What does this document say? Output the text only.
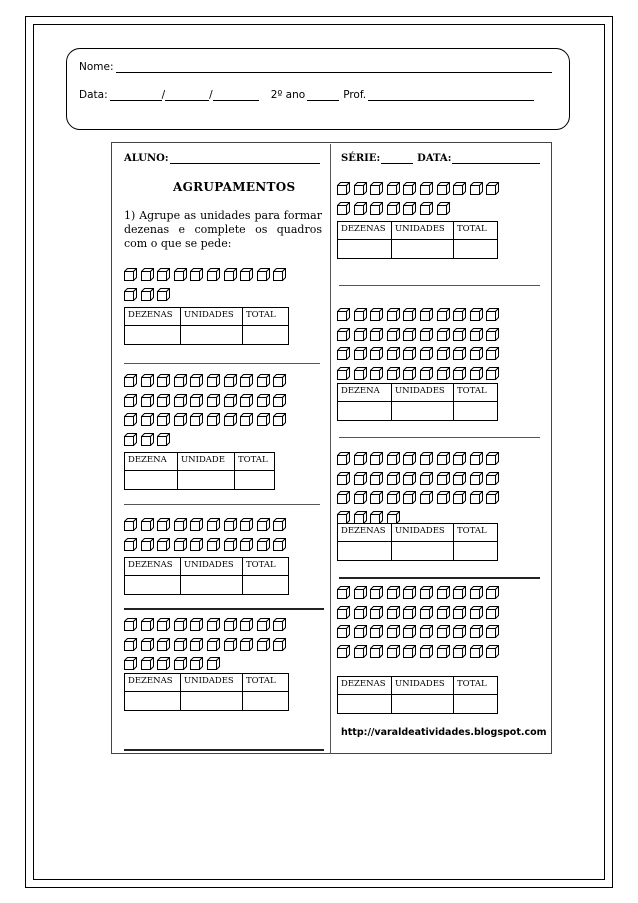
Nome:
Data:	/	/	2º ano	Prof.
ALUNO:	SÉRIE:	DATA:
AGRUPAMENTOS
1) Agrupe as unidades para formar dezenas e complete os quadros com o que se pede:
DEZENAS	UNIDADES	TOTAL

DEZENA	UNIDADE	TOTAL

DEZENAS	UNIDADES	TOTAL

DEZENAS	UNIDADES	TOTAL

DEZENAS	UNIDADES	TOTAL

DEZENA	UNIDADES	TOTAL

DEZENAS	UNIDADES	TOTAL

DEZENAS	UNIDADES	TOTAL

http://varaldeatividades.blogspot.com
